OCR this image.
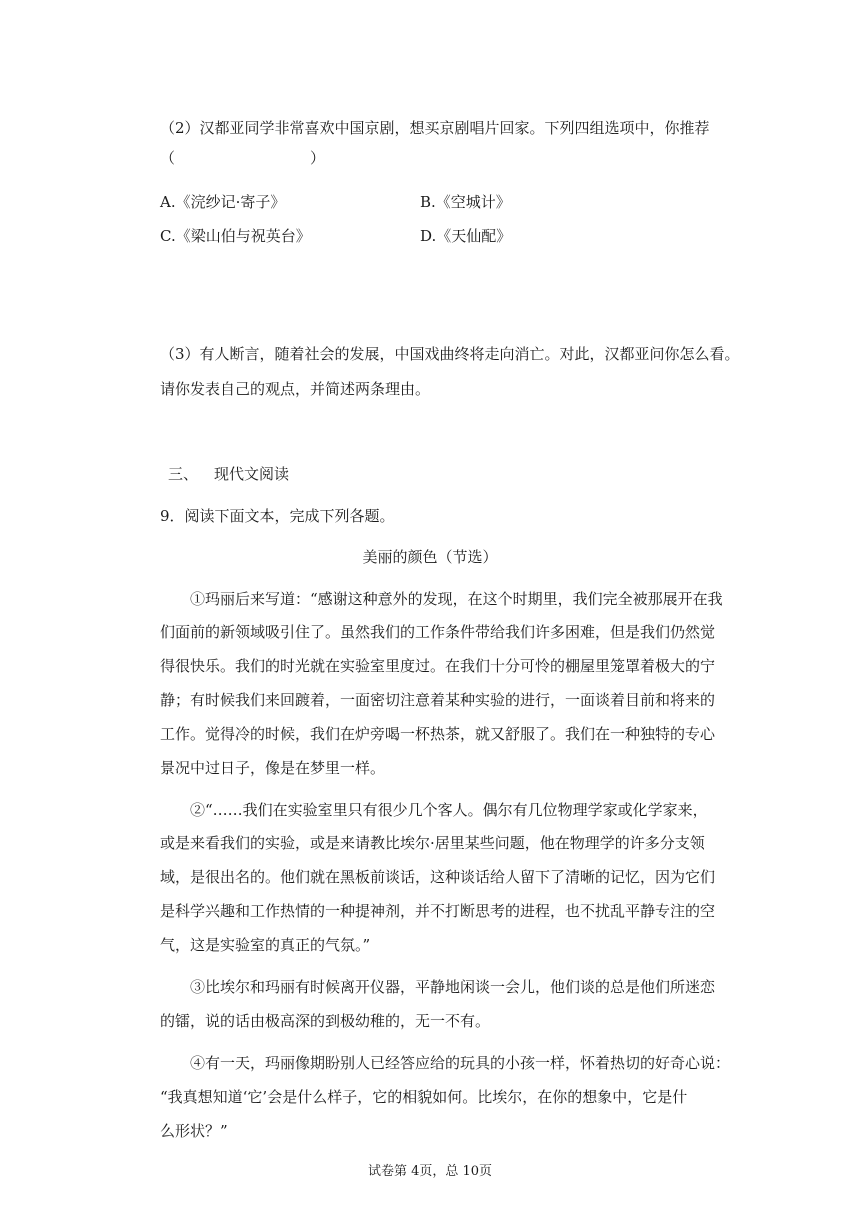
（2）汉都亚同学非常喜欢中国京剧，想买京剧唱片回家。下列四组选项中，你推荐
（　　　　　　　　　）
A.《浣纱记·寄子》	B.《空城计》
C.《梁山伯与祝英台》	D.《天仙配》
（3）有人断言，随着社会的发展，中国戏曲终将走向消亡。对此，汉都亚问你怎么看。
请你发表自己的观点，并简述两条理由。
三、 现代文阅读
9．阅读下面文本，完成下列各题。
美丽的颜色（节选）
①玛丽后来写道：“感谢这种意外的发现，在这个时期里，我们完全被那展开在我
们面前的新领域吸引住了。虽然我们的工作条件带给我们许多困难，但是我们仍然觉
得很快乐。我们的时光就在实验室里度过。在我们十分可怜的棚屋里笼罩着极大的宁
静；有时候我们来回踱着，一面密切注意着某种实验的进行，一面谈着目前和将来的
工作。觉得冷的时候，我们在炉旁喝一杯热茶，就又舒服了。我们在一种独特的专心
景况中过日子，像是在梦里一样。
②“……我们在实验室里只有很少几个客人。偶尔有几位物理学家或化学家来，
或是来看我们的实验，或是来请教比埃尔·居里某些问题，他在物理学的许多分支领
域，是很出名的。他们就在黑板前谈话，这种谈话给人留下了清晰的记忆，因为它们
是科学兴趣和工作热情的一种提神剂，并不打断思考的进程，也不扰乱平静专注的空
气，这是实验室的真正的气氛。”
③比埃尔和玛丽有时候离开仪器，平静地闲谈一会儿，他们谈的总是他们所迷恋
的镭，说的话由极高深的到极幼稚的，无一不有。
④有一天，玛丽像期盼别人已经答应给的玩具的小孩一样，怀着热切的好奇心说：
“我真想知道‘它’会是什么样子，它的相貌如何。比埃尔，在你的想象中，它是什
么形状？”
试卷第 4页，总 10页
